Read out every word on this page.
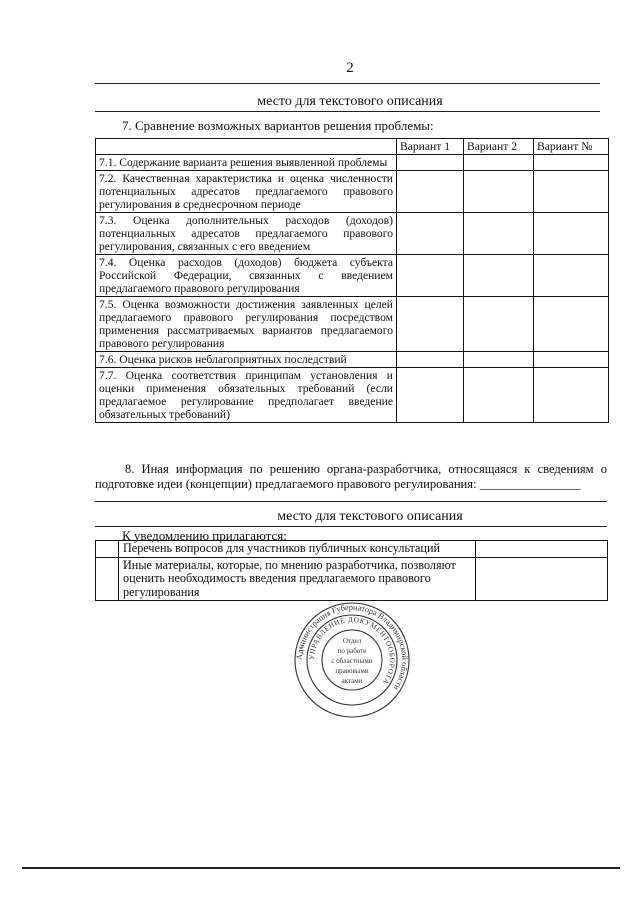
2
место для текстового описания
7. Сравнение возможных вариантов решения проблемы:
	Вариант 1	Вариант 2	Вариант №
7.1. Содержание варианта решения выявленной проблемы			
7.2. Качественная характеристика и оценка численности потенциальных адресатов предлагаемого правового регулирования в среднесрочном периоде			
7.3. Оценка дополнительных расходов (доходов) потенциальных адресатов предлагаемого правового регулирования, связанных с его введением			
7.4. Оценка расходов (доходов) бюджета субъекта Российской Федерации, связанных с введением предлагаемого правового регулирования			
7.5. Оценка возможности достижения заявленных целей предлагаемого правового регулирования посредством применения рассматриваемых вариантов предлагаемого правового регулирования			
7.6. Оценка рисков неблагоприятных последствий			
7.7. Оценка соответствия принципам установления и оценки применения обязательных требований (если предлагаемое регулирование предполагает введение обязательных требований)			
8. Иная информация по решению органа-разработчика, относящаяся к сведениям о подготовке идеи (концепции) предлагаемого правового регулирования: ________________
место для текстового описания
К уведомлению прилагаются:
	Перечень вопросов для участников публичных консультаций	
	Иные материалы, которые, по мнению разработчика, позволяют оценить необходимость введения предлагаемого правового регулирования	
Администрация Губернатора Владимирской области
УПРАВЛЕНИЕ ДОКУМЕНТООБОРОТА
Отдел
по работе
с областными
правовыми
актами
